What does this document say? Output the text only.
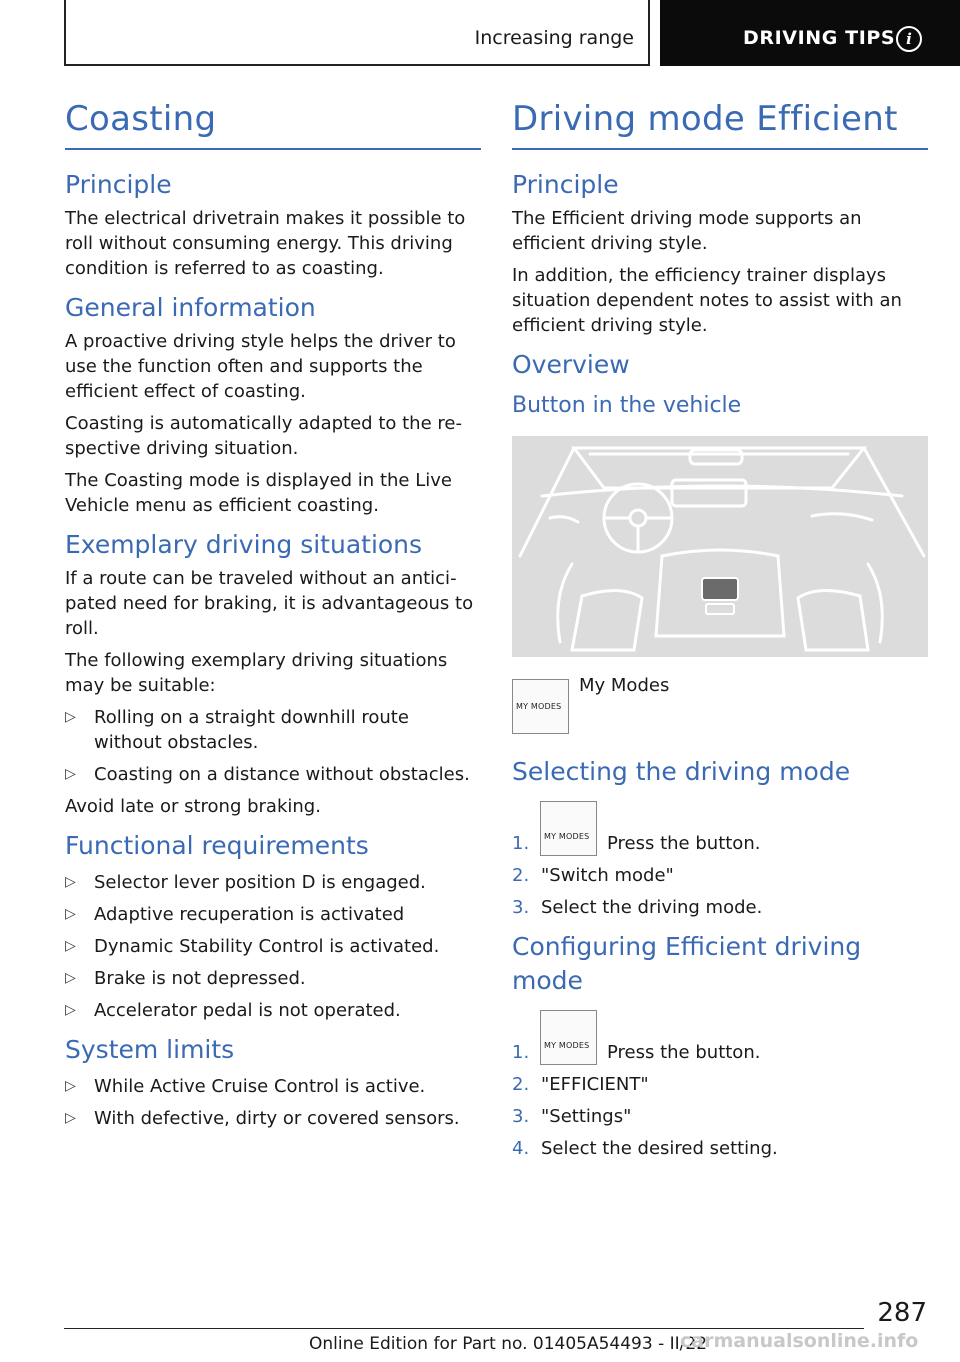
Increasing range	DRIVING TIPS i
Coasting
Principle

The electrical drivetrain makes it possible to roll without consuming energy. This driving condition is referred to as coasting.

General information

A proactive driving style helps the driver to use the function often and supports the efficient effect of coasting.

Coasting is automatically adapted to the respective driving situation.

The Coasting mode is displayed in the Live Vehicle menu as efficient coasting.

Exemplary driving situations

If a route can be traveled without an anticipated need for braking, it is advantageous to roll.

The following exemplary driving situations may be suitable:

▷ Rolling on a straight downhill route without obstacles.
▷ Coasting on a distance without obstacles.

Avoid late or strong braking.

Functional requirements
▷ Selector lever position D is engaged.
▷ Adaptive recuperation is activated
▷ Dynamic Stability Control is activated.
▷ Brake is not depressed.
▷ Accelerator pedal is not operated.
System limits
▷ While Active Cruise Control is active.
▷ With defective, dirty or covered sensors.
Driving mode Efficient
Principle

The Efficient driving mode supports an efficient driving style.

In addition, the efficiency trainer displays situation dependent notes to assist with an efficient driving style.

Overview
Button in the vehicle
MY MODES
My Modes
Selecting the driving mode
1. MY MODES Press the button.
2. "Switch mode"
3. Select the driving mode.
Configuring Efficient driving mode
1. MY MODES Press the button.
2. "EFFICIENT"
3. "Settings"
4. Select the desired setting.
287
Online Edition for Part no. 01405A54493 - II/22
carmanualsonline.info
